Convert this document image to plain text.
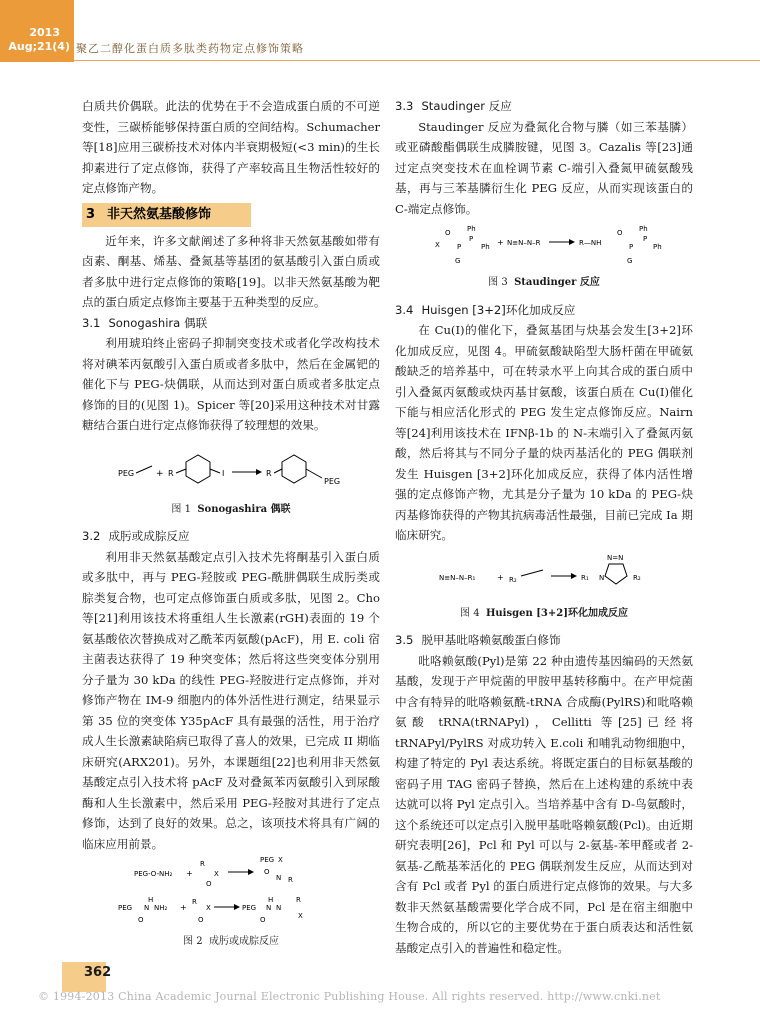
2013
Aug;21(4) 聚乙二醇化蛋白质多肽类药物定点修饰策略

白质共价偶联。此法的优势在于不会造成蛋白质的不可逆变性，三碳桥能够保持蛋白质的空间结构。Schumacher 等[18]应用三碳桥技术对体内半衰期极短(<3 min)的生长抑素进行了定点修饰，获得了产率较高且生物活性较好的定点修饰产物。

3 非天然氨基酸修饰

近年来，许多文献阐述了多种将非天然氨基酸如带有卤素、酮基、烯基、叠氮基等基团的氨基酸引入蛋白质或者多肽中进行定点修饰的策略[19]。以非天然氨基酸为靶点的蛋白质定点修饰主要基于五种类型的反应。

3.1 Sonogashira 偶联

利用琥珀终止密码子抑制突变技术或者化学改构技术将对碘苯丙氨酸引入蛋白质或者多肽中，然后在金属钯的催化下与 PEG-炔偶联，从而达到对蛋白质或者多肽定点修饰的目的(见图 1)。Spicer 等[20]采用这种技术对甘露糖结合蛋白进行定点修饰获得了较理想的效果。

PEG + R	I	R
PEG
图 1 Sonogashira 偶联
3.2 成肟或成腙反应

利用非天然氨基酸定点引入技术先将酮基引入蛋白质或多肽中，再与 PEG-羟胺或 PEG-酰肼偶联生成肟类或腙类复合物，也可定点修饰蛋白质或多肽，见图 2。Cho 等[21]利用该技术将重组人生长激素(rGH)表面的 19 个氨基酸依次替换成对乙酰苯丙氨酸(pAcF)，用 E. coli 宿主菌表达获得了 19 种突变体；然后将这些突变体分别用分子量为 30 kDa 的线性 PEG-羟胺进行定点修饰，并对修饰产物在 IM-9 细胞内的体外活性进行测定，结果显示第 35 位的突变体 Y35pAcF 具有最强的活性，用于治疗成人生长激素缺陷病已取得了喜人的效果，已完成 II 期临床研究(ARX201)。另外，本课题组[22]也利用非天然氨基酸定点引入技术将 pAcF 及对叠氮苯丙氨酸引入到尿酸酶和人生长激素中，然后采用 PEG-羟胺对其进行了定点修饰，达到了良好的效果。总之，该项技术将具有广阔的临床应用前景。

PEG-O-NH₂ +
R
X
O
PEG X
O
N R
PEG
H
N NH₂
O
+
R
X
O
PEG
H
N N
O
R
X
图 2 成肟或成腙反应
3.3 Staudinger 反应

Staudinger 反应为叠氮化合物与膦（如三苯基膦）或亚磷酸酯偶联生成膦胺键，见图 3。Cazalis 等[23]通过定点突变技术在血栓调节素 C-端引入叠氮甲硫氨酸残基，再与三苯基膦衍生化 PEG 反应，从而实现该蛋白的 C-端定点修饰。

X
O
P
Ph
P
Ph
G
+ N≡N–N–R	R—NH
O
P
Ph
P
Ph
G
图 3 Staudinger 反应
3.4 Huisgen [3+2]环化加成反应

在 Cu(I)的催化下，叠氮基团与炔基会发生[3+2]环化加成反应，见图 4。甲硫氨酸缺陷型大肠杆菌在甲硫氨酸缺乏的培养基中，可在转录水平上向其合成的蛋白质中引入叠氮丙氨酸或炔丙基甘氨酸，该蛋白质在 Cu(I)催化下能与相应活化形式的 PEG 发生定点修饰反应。Nairn 等[24]利用该技术在 IFNβ-1b 的 N-末端引入了叠氮丙氨酸，然后将其与不同分子量的炔丙基活化的 PEG 偶联剂发生 Huisgen [3+2]环化加成反应，获得了体内活性增强的定点修饰产物，尤其是分子量为 10 kDa 的 PEG-炔丙基修饰获得的产物其抗病毒活性最强，目前已完成 Ia 期临床研究。

N≡N–N–R₁	+ R₂	R₁ N
N=N
R₂
图 4 Huisgen [3+2]环化加成反应
3.5 脱甲基吡咯赖氨酸蛋白修饰

吡咯赖氨酸(Pyl)是第 22 种由遗传基因编码的天然氨基酸，发现于产甲烷菌的甲胺甲基转移酶中。在产甲烷菌中含有特异的吡咯赖氨酰-tRNA 合成酶(PylRS)和吡咯赖氨酸 tRNA(tRNAPyl)，Cellitti 等[25]已经将 tRNAPyl/PylRS 对成功转入 E.coli 和哺乳动物细胞中，构建了特定的 Pyl 表达系统。将既定蛋白的目标氨基酸的密码子用 TAG 密码子替换，然后在上述构建的系统中表达就可以将 Pyl 定点引入。当培养基中含有 D-鸟氨酸时，这个系统还可以定点引入脱甲基吡咯赖氨酸(Pcl)。由近期研究表明[26]，Pcl 和 Pyl 可以与 2-氨基-苯甲醛或者 2-氨基-乙酰基苯活化的 PEG 偶联剂发生反应，从而达到对含有 Pcl 或者 Pyl 的蛋白质进行定点修饰的效果。与大多数非天然氨基酸需要化学合成不同，Pcl 是在宿主细胞中生物合成的，所以它的主要优势在于蛋白质表达和活性氨基酸定点引入的普遍性和稳定性。

362
© 1994-2013 China Academic Journal Electronic Publishing House. All rights reserved. http://www.cnki.net
